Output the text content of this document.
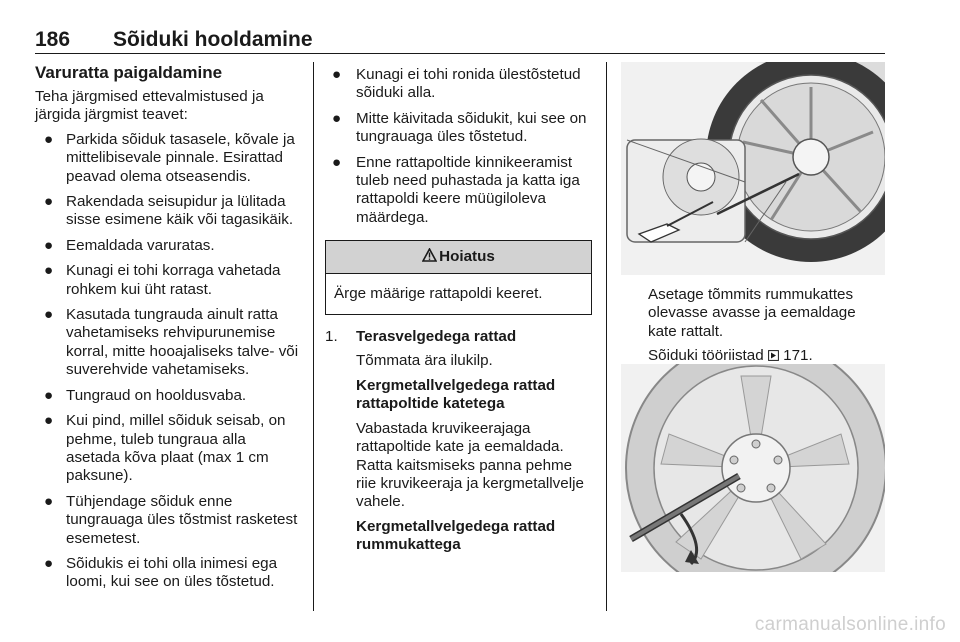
186 Sõiduki hooldamine
Varuratta paigaldamine

Teha järgmised ettevalmistused ja järgida järgmist teavet:

● Parkida sõiduk tasasele, kõvale ja mittelibisevale pinnale. Esirattad peavad olema otseasendis.
● Rakendada seisupidur ja lülitada sisse esimene käik või tagasikäik.
● Eemaldada varuratas.
● Kunagi ei tohi korraga vahetada rohkem kui üht ratast.
● Kasutada tungrauda ainult ratta vahetamiseks rehvipurunemise korral, mitte hooajaliseks talve- või suverehvide vahetamiseks.
● Tungraud on hooldusvaba.
● Kui pind, millel sõiduk seisab, on pehme, tuleb tungraua alla asetada kõva plaat (max 1 cm paksune).
● Tühjendage sõiduk enne tungrauaga üles tõstmist rasketest esemetest.
● Sõidukis ei tohi olla inimesi ega loomi, kui see on üles tõstetud.
● Kunagi ei tohi ronida ülestõstetud sõiduki alla.
● Mitte käivitada sõidukit, kui see on tungrauaga üles tõstetud.
● Enne rattapoltide kinnikeeramist tuleb need puhastada ja katta iga rattapoldi keere müügiloleva määrdega.
Hoiatus
Ärge määrige rattapoldi keeret.
1. Terasvelgedega rattad

Tõmmata ära ilukilp.

Kergmetallvelgedega rattad rattapoltide katetega

Vabastada kruvikeerajaga rattapoltide kate ja eemaldada. Ratta kaitsmiseks panna pehme riie kruvikeeraja ja kergmetallvelje vahele.

Kergmetallvelgedega rattad rummukattega

Asetage tõmmits rummukattes olevasse avasse ja eemaldage kate rattalt.

Sõiduki tööriistad 171.

carmanualsonline.info
